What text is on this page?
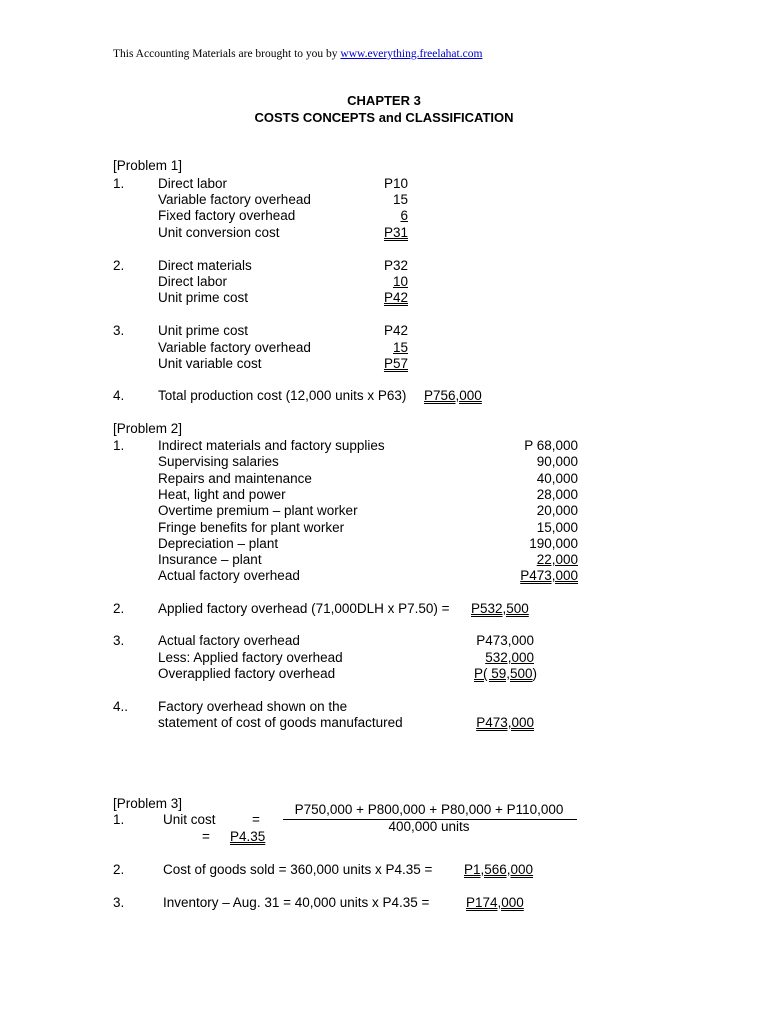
This Accounting Materials are brought to you by www.everything.freelahat.com
CHAPTER 3
COSTS CONCEPTS and CLASSIFICATION
[Problem 1]
1. Direct labor	P10
Variable factory overhead	15
Fixed factory overhead	6
Unit conversion cost	P31
2. Direct materials	P32
Direct labor	10
Unit prime cost	P42
3. Unit prime cost	P42
Variable factory overhead	15
Unit variable cost	P57
4. Total production cost (12,000 units x P63) P756,000
[Problem 2]
1. Indirect materials and factory supplies	P 68,000
Supervising salaries	90,000
Repairs and maintenance	40,000
Heat, light and power	28,000
Overtime premium – plant worker	20,000
Fringe benefits for plant worker	15,000
Depreciation – plant	190,000
Insurance – plant	22,000
Actual factory overhead	P473,000
2. Applied factory overhead (71,000DLH x P7.50) = P532,500
3. Actual factory overhead	P473,000
Less: Applied factory overhead	532,000
Overapplied factory overhead	P( 59,500)
4.. Factory overhead shown on the
statement of cost of goods manufactured	P473,000
[Problem 3]
1.	Unit cost	=
P750,000 + P800,000 + P80,000 + P110,000
400,000 units
= P4.35
2.	Cost of goods sold = 360,000 units x P4.35 = P1,566,000
3.	Inventory – Aug. 31 = 40,000 units x P4.35 =	P174,000
